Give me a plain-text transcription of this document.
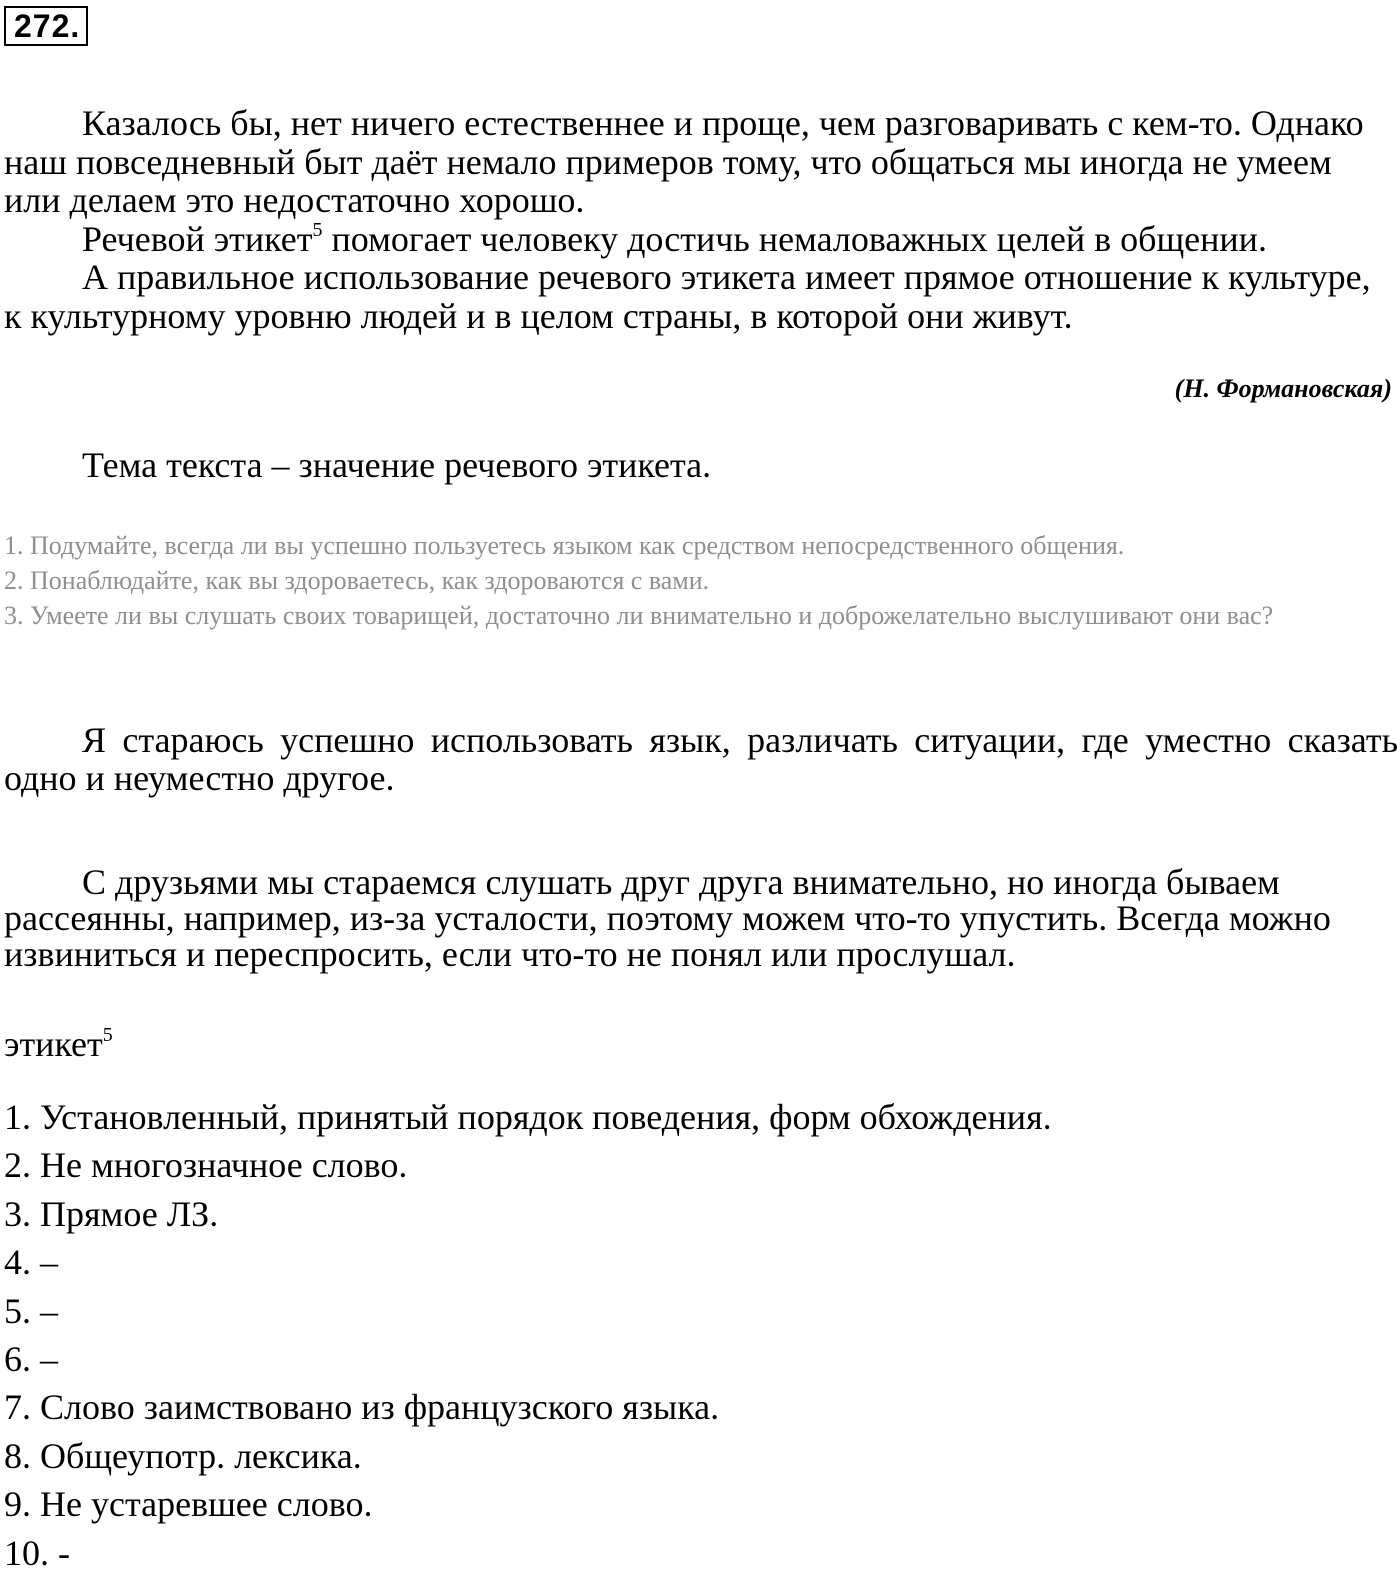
272.

Казалось бы, нет ничего естественнее и проще, чем разговаривать с кем-то. Однако наш повседневный быт даёт немало примеров тому, что общаться мы иногда не умеем или делаем это недостаточно хорошо.

Речевой этикет$^5$ помогает человеку достичь немаловажных целей в общении.

А правильное использование речевого этикета имеет прямое отношение к культуре, к культурному уровню людей и в целом страны, в которой они живут.

(Н. Формановская)
Тема текста – значение речевого этикета.

1. Подумайте, всегда ли вы успешно пользуетесь языком как средством непосредственного общения.

2. Понаблюдайте, как вы здороваетесь, как здороваются с вами.

3. Умеете ли вы слушать своих товарищей, достаточно ли внимательно и доброжелательно выслушивают они вас?

Я стараюсь успешно использовать язык, различать ситуации, где уместно сказать одно и неуместно другое.
С друзьями мы стараемся слушать друг друга внимательно, но иногда бываем рассеянны, например, из-за усталости, поэтому можем что-то упустить. Всегда можно извиниться и переспросить, если что-то не понял или прослушал.
этикет$^5$
1. Установленный, принятый порядок поведения, форм обхождения.
2. Не многозначное слово.
3. Прямое ЛЗ.
4. –
5. –
6. –
7. Слово заимствовано из французского языка.
8. Общеупотр. лексика.
9. Не устаревшее слово.
10. -
